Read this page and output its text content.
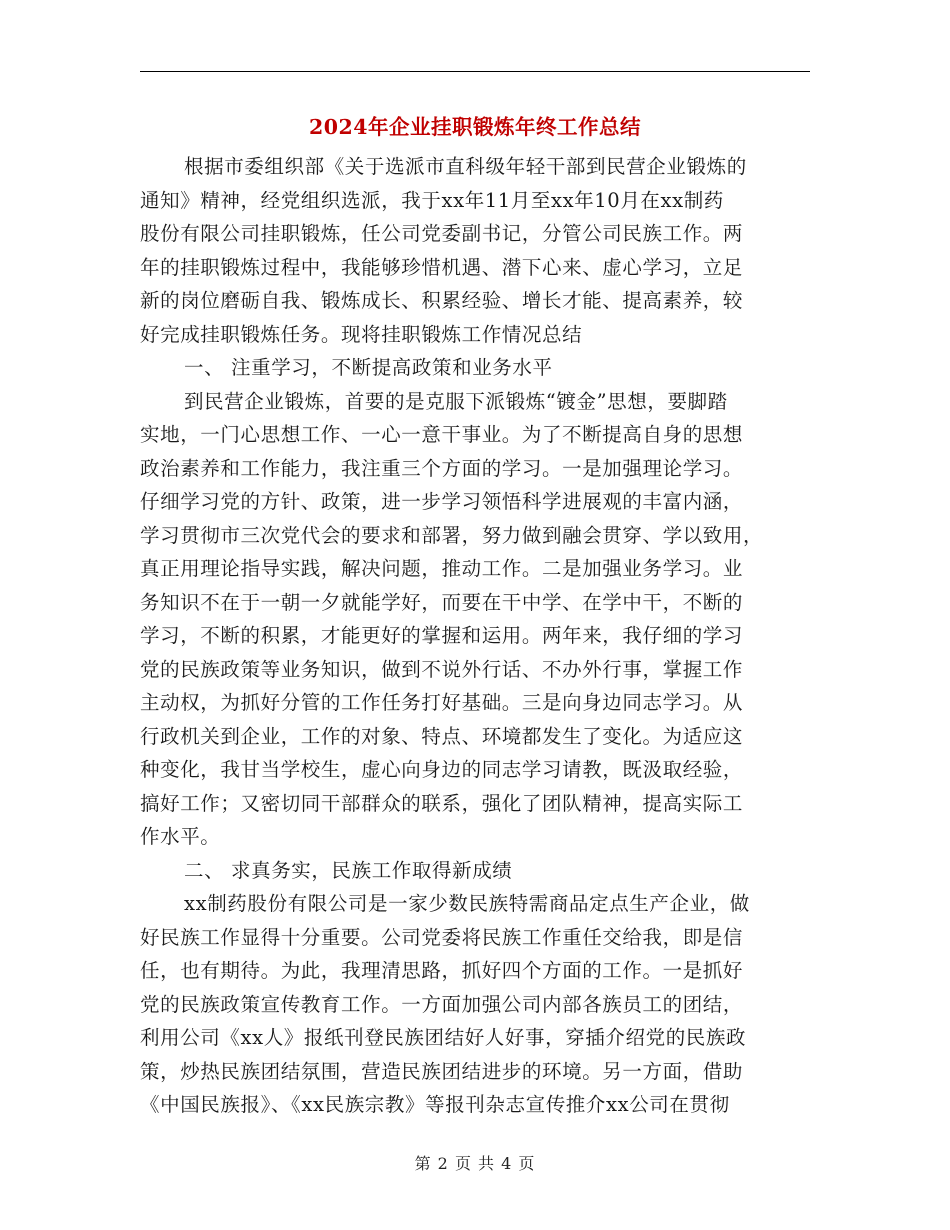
2024年企业挂职锻炼年终工作总结
根据市委组织部《关于选派市直科级年轻干部到民营企业锻炼的
通知》精神，经党组织选派，我于xx年11月至xx年10月在xx制药
股份有限公司挂职锻炼，任公司党委副书记，分管公司民族工作。两
年的挂职锻炼过程中，我能够珍惜机遇、潜下心来、虚心学习，立足
新的岗位磨砺自我、锻炼成长、积累经验、增长才能、提高素养，较
好完成挂职锻炼任务。现将挂职锻炼工作情况总结
一、 注重学习，不断提高政策和业务水平
到民营企业锻炼，首要的是克服下派锻炼“镀金”思想，要脚踏
实地，一门心思想工作、一心一意干事业。为了不断提高自身的思想
政治素养和工作能力，我注重三个方面的学习。一是加强理论学习。
仔细学习党的方针、政策，进一步学习领悟科学进展观的丰富内涵，
学习贯彻市三次党代会的要求和部署，努力做到融会贯穿、学以致用，
真正用理论指导实践，解决问题，推动工作。二是加强业务学习。业
务知识不在于一朝一夕就能学好，而要在干中学、在学中干，不断的
学习，不断的积累，才能更好的掌握和运用。两年来，我仔细的学习
党的民族政策等业务知识，做到不说外行话、不办外行事，掌握工作
主动权，为抓好分管的工作任务打好基础。三是向身边同志学习。从
行政机关到企业，工作的对象、特点、环境都发生了变化。为适应这
种变化，我甘当学校生，虚心向身边的同志学习请教，既汲取经验，
搞好工作；又密切同干部群众的联系，强化了团队精神，提高实际工
作水平。
二、 求真务实，民族工作取得新成绩
xx制药股份有限公司是一家少数民族特需商品定点生产企业，做
好民族工作显得十分重要。公司党委将民族工作重任交给我，即是信
任，也有期待。为此，我理清思路，抓好四个方面的工作。一是抓好
党的民族政策宣传教育工作。一方面加强公司内部各族员工的团结，
利用公司《xx人》报纸刊登民族团结好人好事，穿插介绍党的民族政
策，炒热民族团结氛围，营造民族团结进步的环境。另一方面，借助
《中国民族报》、《xx民族宗教》等报刊杂志宣传推介xx公司在贯彻
第 2 页 共 4 页
